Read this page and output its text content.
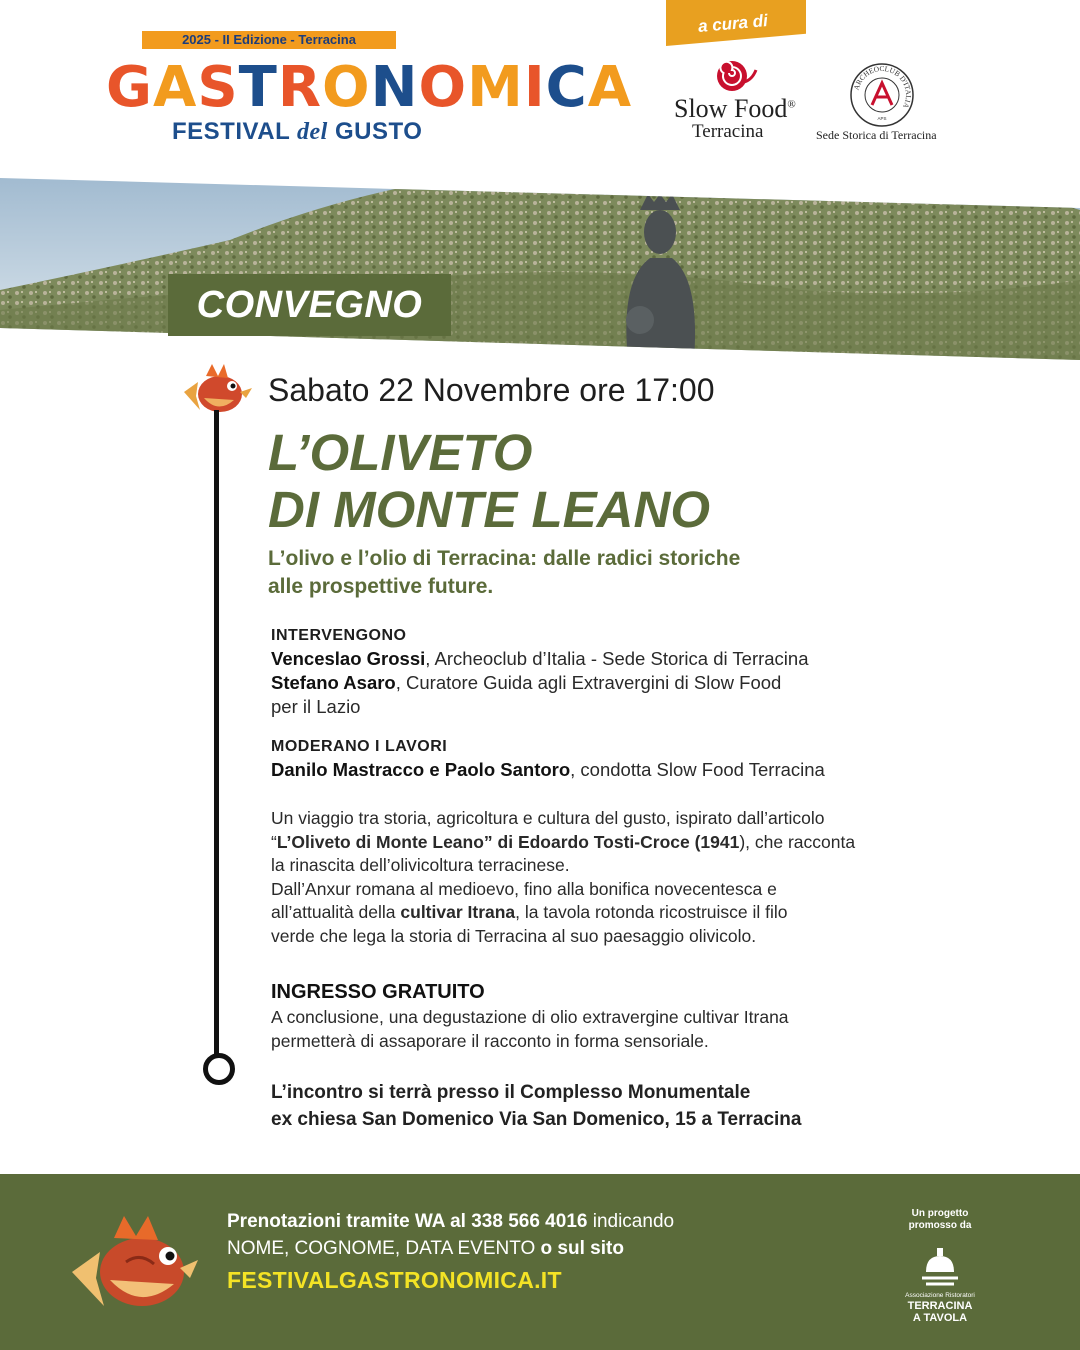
2025 - II Edizione - Terracina
GASTRONOMICA
FESTIVAL del GUSTO
a cura di
Slow Food®
Terracina
ARCHEOCLUB D'ITALIA
APS
Sede Storica di Terracina
CONVEGNO
Sabato 22 Novembre ore 17:00
L’OLIVETO
DI MONTE LEANO
L’olivo e l’olio di Terracina: dalle radici storiche
alle prospettive future.
INTERVENGONO
Venceslao Grossi, Archeoclub d’Italia - Sede Storica di Terracina
Stefano Asaro, Curatore Guida agli Extravergini di Slow Food
per il Lazio
MODERANO I LAVORI
Danilo Mastracco e Paolo Santoro, condotta Slow Food Terracina
Un viaggio tra storia, agricoltura e cultura del gusto, ispirato dall’articolo
“L’Oliveto di Monte Leano” di Edoardo Tosti-Croce (1941), che racconta
la rinascita dell’olivicoltura terracinese.
Dall’Anxur romana al medioevo, fino alla bonifica novecentesca e
all’attualità della cultivar Itrana, la tavola rotonda ricostruisce il filo
verde che lega la storia di Terracina al suo paesaggio olivicolo.
INGRESSO GRATUITO
A conclusione, una degustazione di olio extravergine cultivar Itrana
permetterà di assaporare il racconto in forma sensoriale.
L’incontro si terrà presso il Complesso Monumentale
ex chiesa San Domenico Via San Domenico, 15 a Terracina
Prenotazioni tramite WA al 338 566 4016 indicando
NOME, COGNOME, DATA EVENTO o sul sito
FESTIVALGASTRONOMICA.IT
Un progetto promosso da
Associazione Ristoratori
TERRACINA
A TAVOLA
